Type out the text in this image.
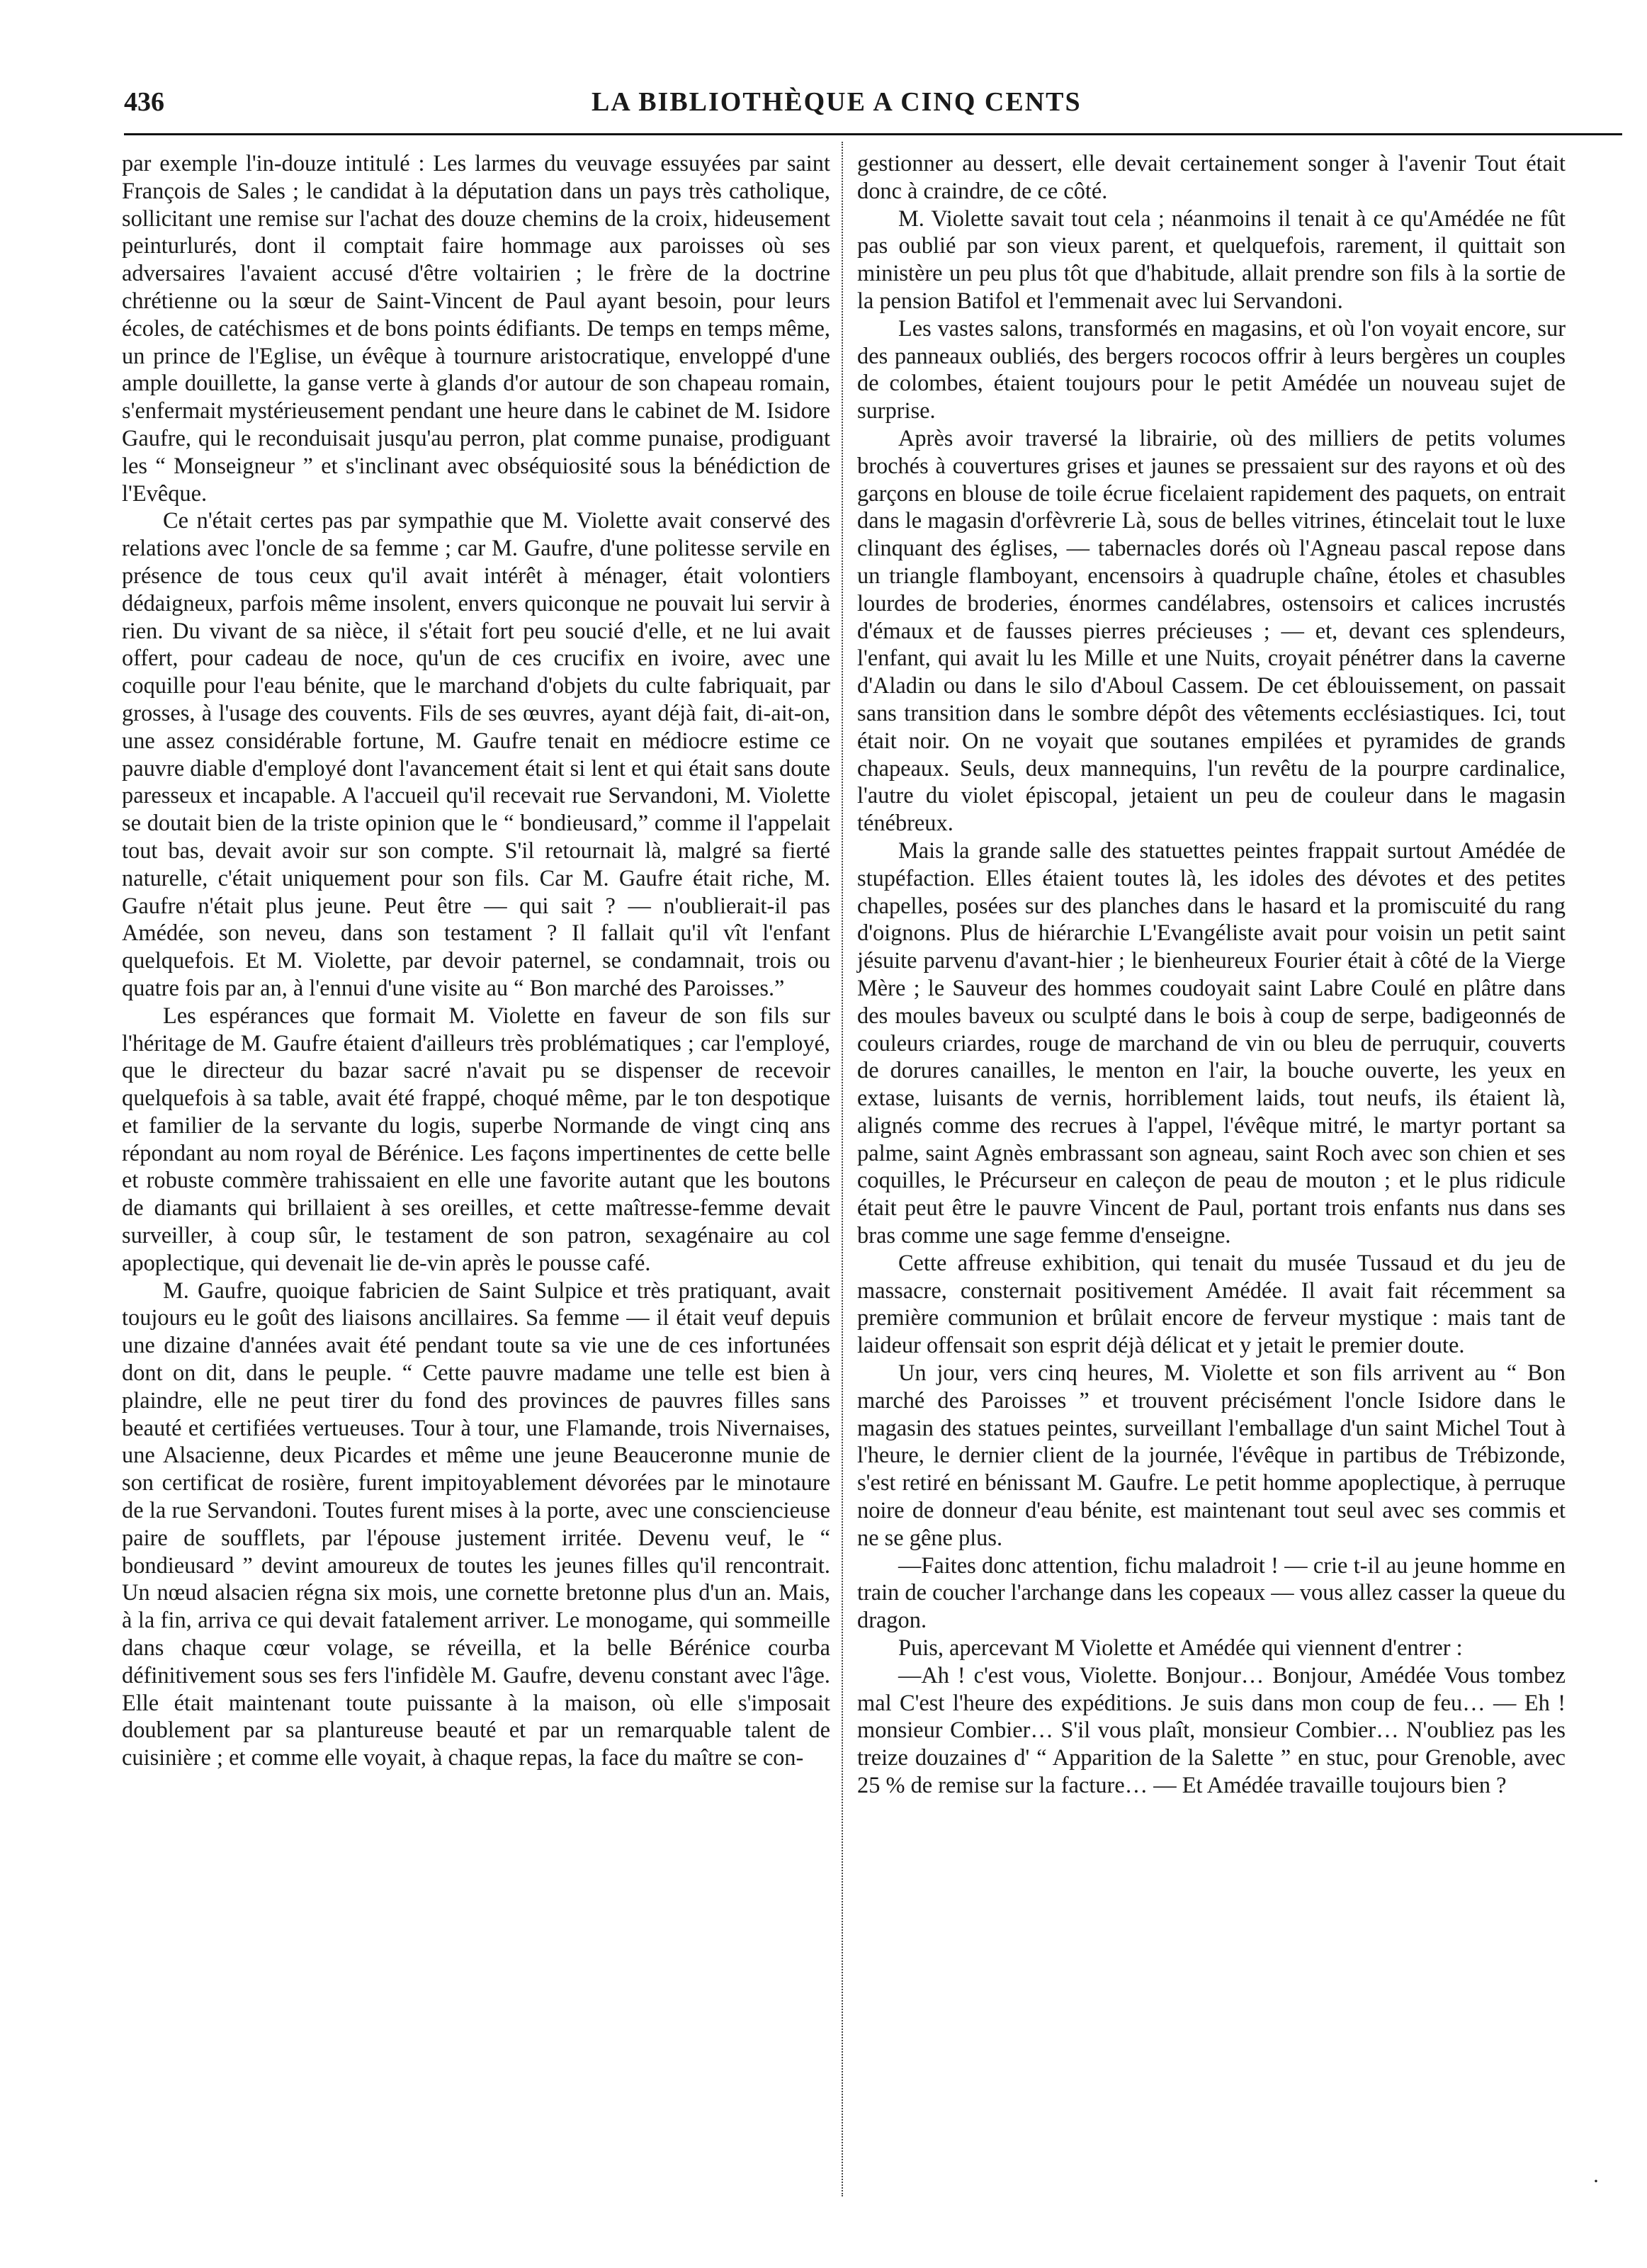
436	LA BIBLIOTHÈQUE A CINQ CENTS

par exemple l'in-douze intitulé : Les larmes du veuvage essuyées par saint François de Sales ; le candidat à la députation dans un pays très catholique, sollicitant une remise sur l'achat des douze chemins de la croix, hideusement peinturlurés, dont il comptait faire hommage aux paroisses où ses adversaires l'avaient accusé d'être voltairien ; le frère de la doctrine chrétienne ou la sœur de Saint-Vincent de Paul ayant besoin, pour leurs écoles, de catéchismes et de bons points édifiants. De temps en temps même, un prince de l'Eglise, un évêque à tournure aristocratique, enveloppé d'une ample douillette, la ganse verte à glands d'or autour de son chapeau romain, s'enfermait mystérieusement pendant une heure dans le cabinet de M. Isidore Gaufre, qui le reconduisait jusqu'au perron, plat comme punaise, prodiguant les “ Monseigneur ” et s'inclinant avec obséquiosité sous la bénédiction de l'Evêque.

Ce n'était certes pas par sympathie que M. Violette avait conservé des relations avec l'oncle de sa femme ; car M. Gaufre, d'une politesse servile en présence de tous ceux qu'il avait intérêt à ménager, était volontiers dédaigneux, parfois même insolent, envers quiconque ne pouvait lui servir à rien. Du vivant de sa nièce, il s'était fort peu soucié d'elle, et ne lui avait offert, pour cadeau de noce, qu'un de ces crucifix en ivoire, avec une coquille pour l'eau bénite, que le marchand d'objets du culte fabriquait, par grosses, à l'usage des couvents. Fils de ses œuvres, ayant déjà fait, di-ait-on, une assez considérable fortune, M. Gaufre tenait en médiocre estime ce pauvre diable d'employé dont l'avancement était si lent et qui était sans doute paresseux et incapable. A l'accueil qu'il recevait rue Servandoni, M. Violette se doutait bien de la triste opinion que le “ bondieusard,” comme il l'appelait tout bas, devait avoir sur son compte. S'il retournait là, malgré sa fierté naturelle, c'était uniquement pour son fils. Car M. Gaufre était riche, M. Gaufre n'était plus jeune. Peut être — qui sait ? — n'oublierait-il pas Amédée, son neveu, dans son testament ? Il fallait qu'il vît l'enfant quelquefois. Et M. Violette, par devoir paternel, se condamnait, trois ou quatre fois par an, à l'ennui d'une visite au “ Bon marché des Paroisses.”

Les espérances que formait M. Violette en faveur de son fils sur l'héritage de M. Gaufre étaient d'ailleurs très problématiques ; car l'employé, que le directeur du bazar sacré n'avait pu se dispenser de recevoir quelquefois à sa table, avait été frappé, choqué même, par le ton despotique et familier de la servante du logis, superbe Normande de vingt cinq ans répondant au nom royal de Bérénice. Les façons impertinentes de cette belle et robuste commère trahissaient en elle une favorite autant que les boutons de diamants qui brillaient à ses oreilles, et cette maîtresse-femme devait surveiller, à coup sûr, le testament de son patron, sexagénaire au col apoplectique, qui devenait lie de-vin après le pousse café.

M. Gaufre, quoique fabricien de Saint Sulpice et très pratiquant, avait toujours eu le goût des liaisons ancillaires. Sa femme — il était veuf depuis une dizaine d'années avait été pendant toute sa vie une de ces infortunées dont on dit, dans le peuple. “ Cette pauvre madame une telle est bien à plaindre, elle ne peut tirer du fond des provinces de pauvres filles sans beauté et certifiées vertueuses. Tour à tour, une Flamande, trois Nivernaises, une Alsacienne, deux Picardes et même une jeune Beauceronne munie de son certificat de rosière, furent impitoyablement dévorées par le minotaure de la rue Servandoni. Toutes furent mises à la porte, avec une consciencieuse paire de soufflets, par l'épouse justement irritée. Devenu veuf, le “ bondieusard ” devint amoureux de toutes les jeunes filles qu'il rencontrait. Un nœud alsacien régna six mois, une cornette bretonne plus d'un an. Mais, à la fin, arriva ce qui devait fatalement arriver. Le monogame, qui sommeille dans chaque cœur volage, se réveilla, et la belle Bérénice courba définitivement sous ses fers l'infidèle M. Gaufre, devenu constant avec l'âge. Elle était maintenant toute puissante à la maison, où elle s'imposait doublement par sa plantureuse beauté et par un remarquable talent de cuisinière ; et comme elle voyait, à chaque repas, la face du maître se con-

gestionner au dessert, elle devait certainement songer à l'avenir Tout était donc à craindre, de ce côté.

M. Violette savait tout cela ; néanmoins il tenait à ce qu'Amédée ne fût pas oublié par son vieux parent, et quelquefois, rarement, il quittait son ministère un peu plus tôt que d'habitude, allait prendre son fils à la sortie de la pension Batifol et l'emmenait avec lui Servandoni.

Les vastes salons, transformés en magasins, et où l'on voyait encore, sur des panneaux oubliés, des bergers rococos offrir à leurs bergères un couples de colombes, étaient toujours pour le petit Amédée un nouveau sujet de surprise.

Après avoir traversé la librairie, où des milliers de petits volumes brochés à couvertures grises et jaunes se pressaient sur des rayons et où des garçons en blouse de toile écrue ficelaient rapidement des paquets, on entrait dans le magasin d'orfèvrerie Là, sous de belles vitrines, étincelait tout le luxe clinquant des églises, — tabernacles dorés où l'Agneau pascal repose dans un triangle flamboyant, encensoirs à quadruple chaîne, étoles et chasubles lourdes de broderies, énormes candélabres, ostensoirs et calices incrustés d'émaux et de fausses pierres précieuses ; — et, devant ces splendeurs, l'enfant, qui avait lu les Mille et une Nuits, croyait pénétrer dans la caverne d'Aladin ou dans le silo d'Aboul Cassem. De cet éblouissement, on passait sans transition dans le sombre dépôt des vêtements ecclésiastiques. Ici, tout était noir. On ne voyait que soutanes empilées et pyramides de grands chapeaux. Seuls, deux mannequins, l'un revêtu de la pourpre cardinalice, l'autre du violet épiscopal, jetaient un peu de couleur dans le magasin ténébreux.

Mais la grande salle des statuettes peintes frappait surtout Amédée de stupéfaction. Elles étaient toutes là, les idoles des dévotes et des petites chapelles, posées sur des planches dans le hasard et la promiscuité du rang d'oignons. Plus de hiérarchie L'Evangéliste avait pour voisin un petit saint jésuite parvenu d'avant-hier ; le bienheureux Fourier était à côté de la Vierge Mère ; le Sauveur des hommes coudoyait saint Labre Coulé en plâtre dans des moules baveux ou sculpté dans le bois à coup de serpe, badigeonnés de couleurs criardes, rouge de marchand de vin ou bleu de perruquir, couverts de dorures canailles, le menton en l'air, la bouche ouverte, les yeux en extase, luisants de vernis, horriblement laids, tout neufs, ils étaient là, alignés comme des recrues à l'appel, l'évêque mitré, le martyr portant sa palme, saint Agnès embrassant son agneau, saint Roch avec son chien et ses coquilles, le Précurseur en caleçon de peau de mouton ; et le plus ridicule était peut être le pauvre Vincent de Paul, portant trois enfants nus dans ses bras comme une sage femme d'enseigne.

Cette affreuse exhibition, qui tenait du musée Tussaud et du jeu de massacre, consternait positivement Amédée. Il avait fait récemment sa première communion et brûlait encore de ferveur mystique : mais tant de laideur offensait son esprit déjà délicat et y jetait le premier doute.

Un jour, vers cinq heures, M. Violette et son fils arrivent au “ Bon marché des Paroisses ” et trouvent précisément l'oncle Isidore dans le magasin des statues peintes, surveillant l'emballage d'un saint Michel Tout à l'heure, le dernier client de la journée, l'évêque in partibus de Trébizonde, s'est retiré en bénissant M. Gaufre. Le petit homme apoplectique, à perruque noire de donneur d'eau bénite, est maintenant tout seul avec ses commis et ne se gêne plus.

—Faites donc attention, fichu maladroit ! — crie t-il au jeune homme en train de coucher l'archange dans les copeaux — vous allez casser la queue du dragon.

Puis, apercevant M Violette et Amédée qui viennent d'entrer :

—Ah ! c'est vous, Violette. Bonjour… Bonjour, Amédée Vous tombez mal C'est l'heure des expéditions. Je suis dans mon coup de feu… — Eh ! monsieur Combier… S'il vous plaît, monsieur Combier… N'oubliez pas les treize douzaines d' “ Apparition de la Salette ” en stuc, pour Grenoble, avec 25 % de remise sur la facture… — Et Amédée travaille toujours bien ?

·
